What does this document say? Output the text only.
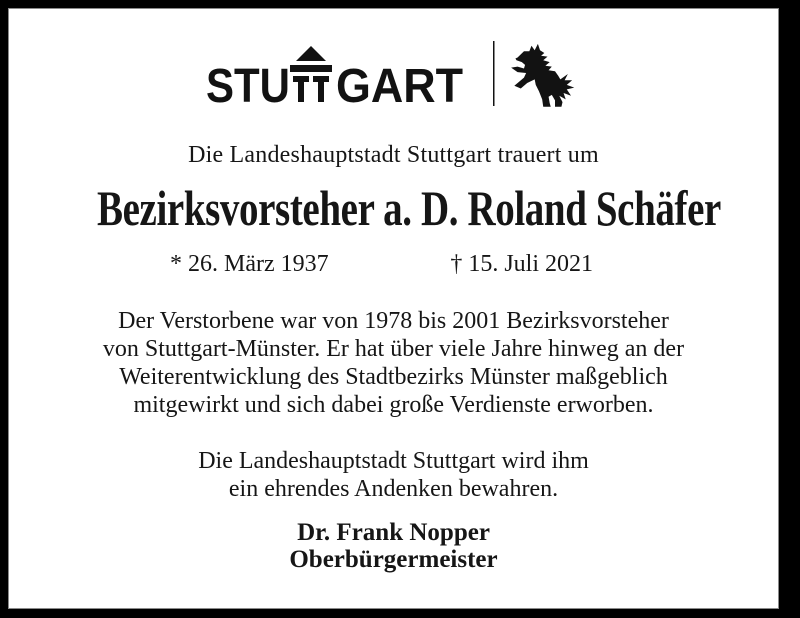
STU GART
Die Landeshauptstadt Stuttgart trauert um
Bezirksvorsteher a. D. Roland Schäfer
* 26. März 1937	† 15. Juli 2021
Der Verstorbene war von 1978 bis 2001 Bezirksvorsteher
von Stuttgart-Münster. Er hat über viele Jahre hinweg an der
Weiterentwicklung des Stadtbezirks Münster maßgeblich
mitgewirkt und sich dabei große Verdienste erworben.
Die Landeshauptstadt Stuttgart wird ihm
ein ehrendes Andenken bewahren.
Dr. Frank Nopper
Oberbürgermeister
